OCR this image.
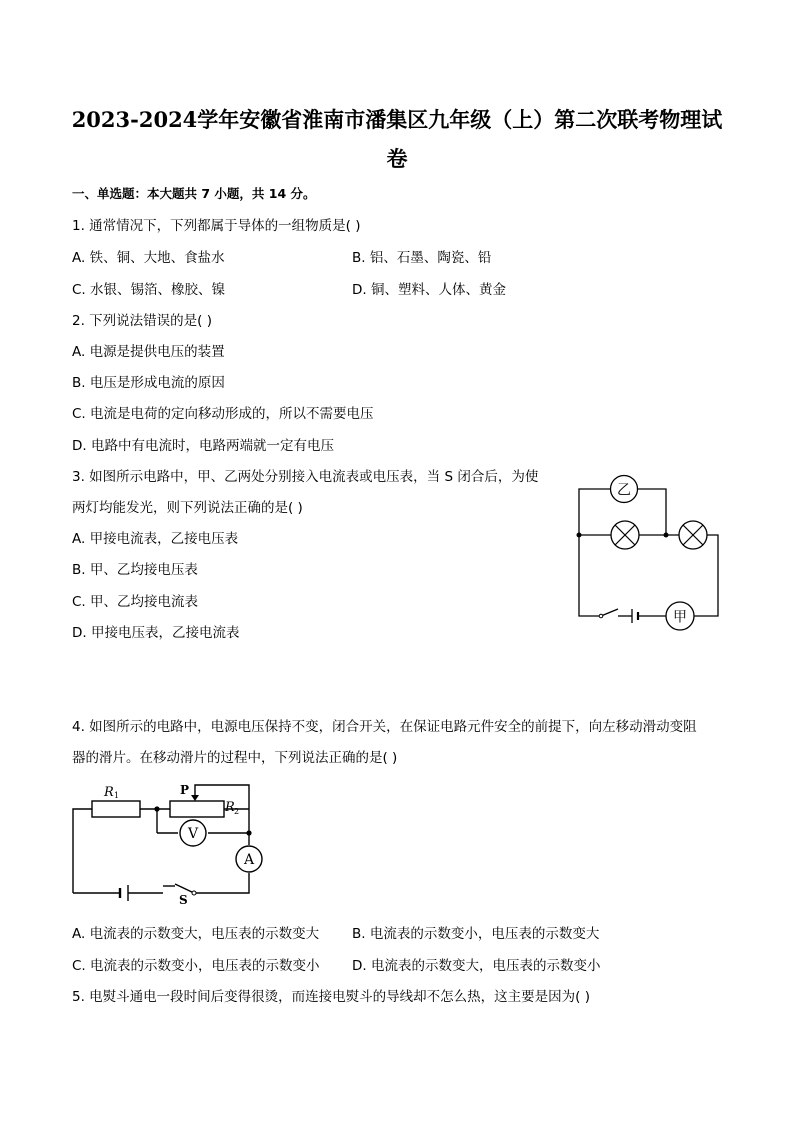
2023-2024学年安徽省淮南市潘集区九年级（上）第二次联考物理试
卷
一、单选题：本大题共 7 小题，共 14 分。
1. 通常情况下，下列都属于导体的一组物质是( )
A. 铁、铜、大地、食盐水	B. 铝、石墨、陶瓷、铅
C. 水银、锡箔、橡胶、镍	D. 铜、塑料、人体、黄金
2. 下列说法错误的是( )
A. 电源是提供电压的装置
B. 电压是形成电流的原因
C. 电流是电荷的定向移动形成的，所以不需要电压
D. 电路中有电流时，电路两端就一定有电压
3. 如图所示电路中，甲、乙两处分别接入电流表或电压表，当 S 闭合后，为使
两灯均能发光，则下列说法正确的是( )
A. 甲接电流表，乙接电压表
B. 甲、乙均接电压表
C. 甲、乙均接电流表
D. 甲接电压表，乙接电流表
乙
甲
4. 如图所示的电路中，电源电压保持不变，闭合开关，在保证电路元件安全的前提下，向左移动滑动变阻
器的滑片。在移动滑片的过程中，下列说法正确的是( )
V
A
R 1	P
R 2
S
A. 电流表的示数变大，电压表的示数变大 B. 电流表的示数变小，电压表的示数变大
C. 电流表的示数变小，电压表的示数变小 D. 电流表的示数变大，电压表的示数变小
5. 电熨斗通电一段时间后变得很烫，而连接电熨斗的导线却不怎么热，这主要是因为( )
